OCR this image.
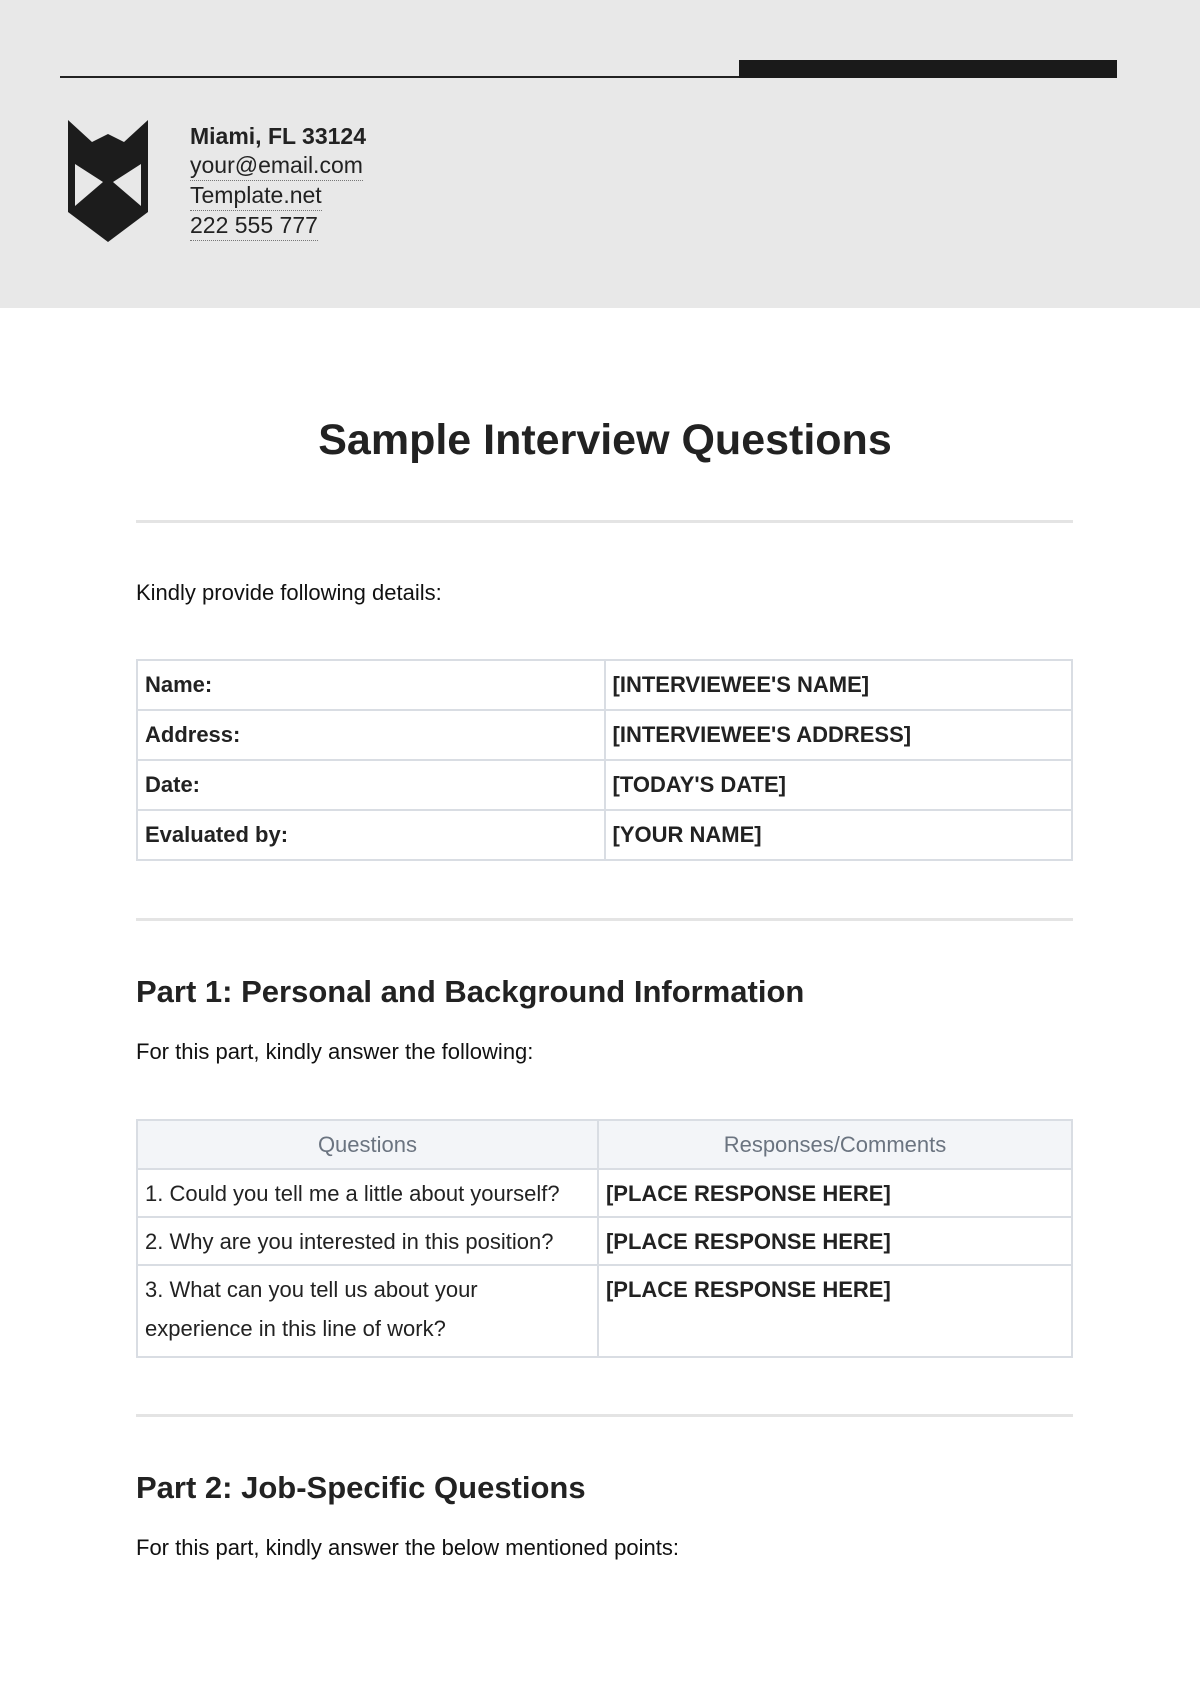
Miami, FL 33124
your@email.com
Template.net
222 555 777
Sample Interview Questions
Kindly provide following details:
Name:	[INTERVIEWEE'S NAME]
Address:	[INTERVIEWEE'S ADDRESS]
Date:	[TODAY'S DATE]
Evaluated by:	[YOUR NAME]
Part 1: Personal and Background Information
For this part, kindly answer the following:
Questions	Responses/Comments
1. Could you tell me a little about yourself?	[PLACE RESPONSE HERE]
2. Why are you interested in this position?	[PLACE RESPONSE HERE]
3. What can you tell us about your experience in this line of work?	[PLACE RESPONSE HERE]
Part 2: Job-Specific Questions
For this part, kindly answer the below mentioned points:
